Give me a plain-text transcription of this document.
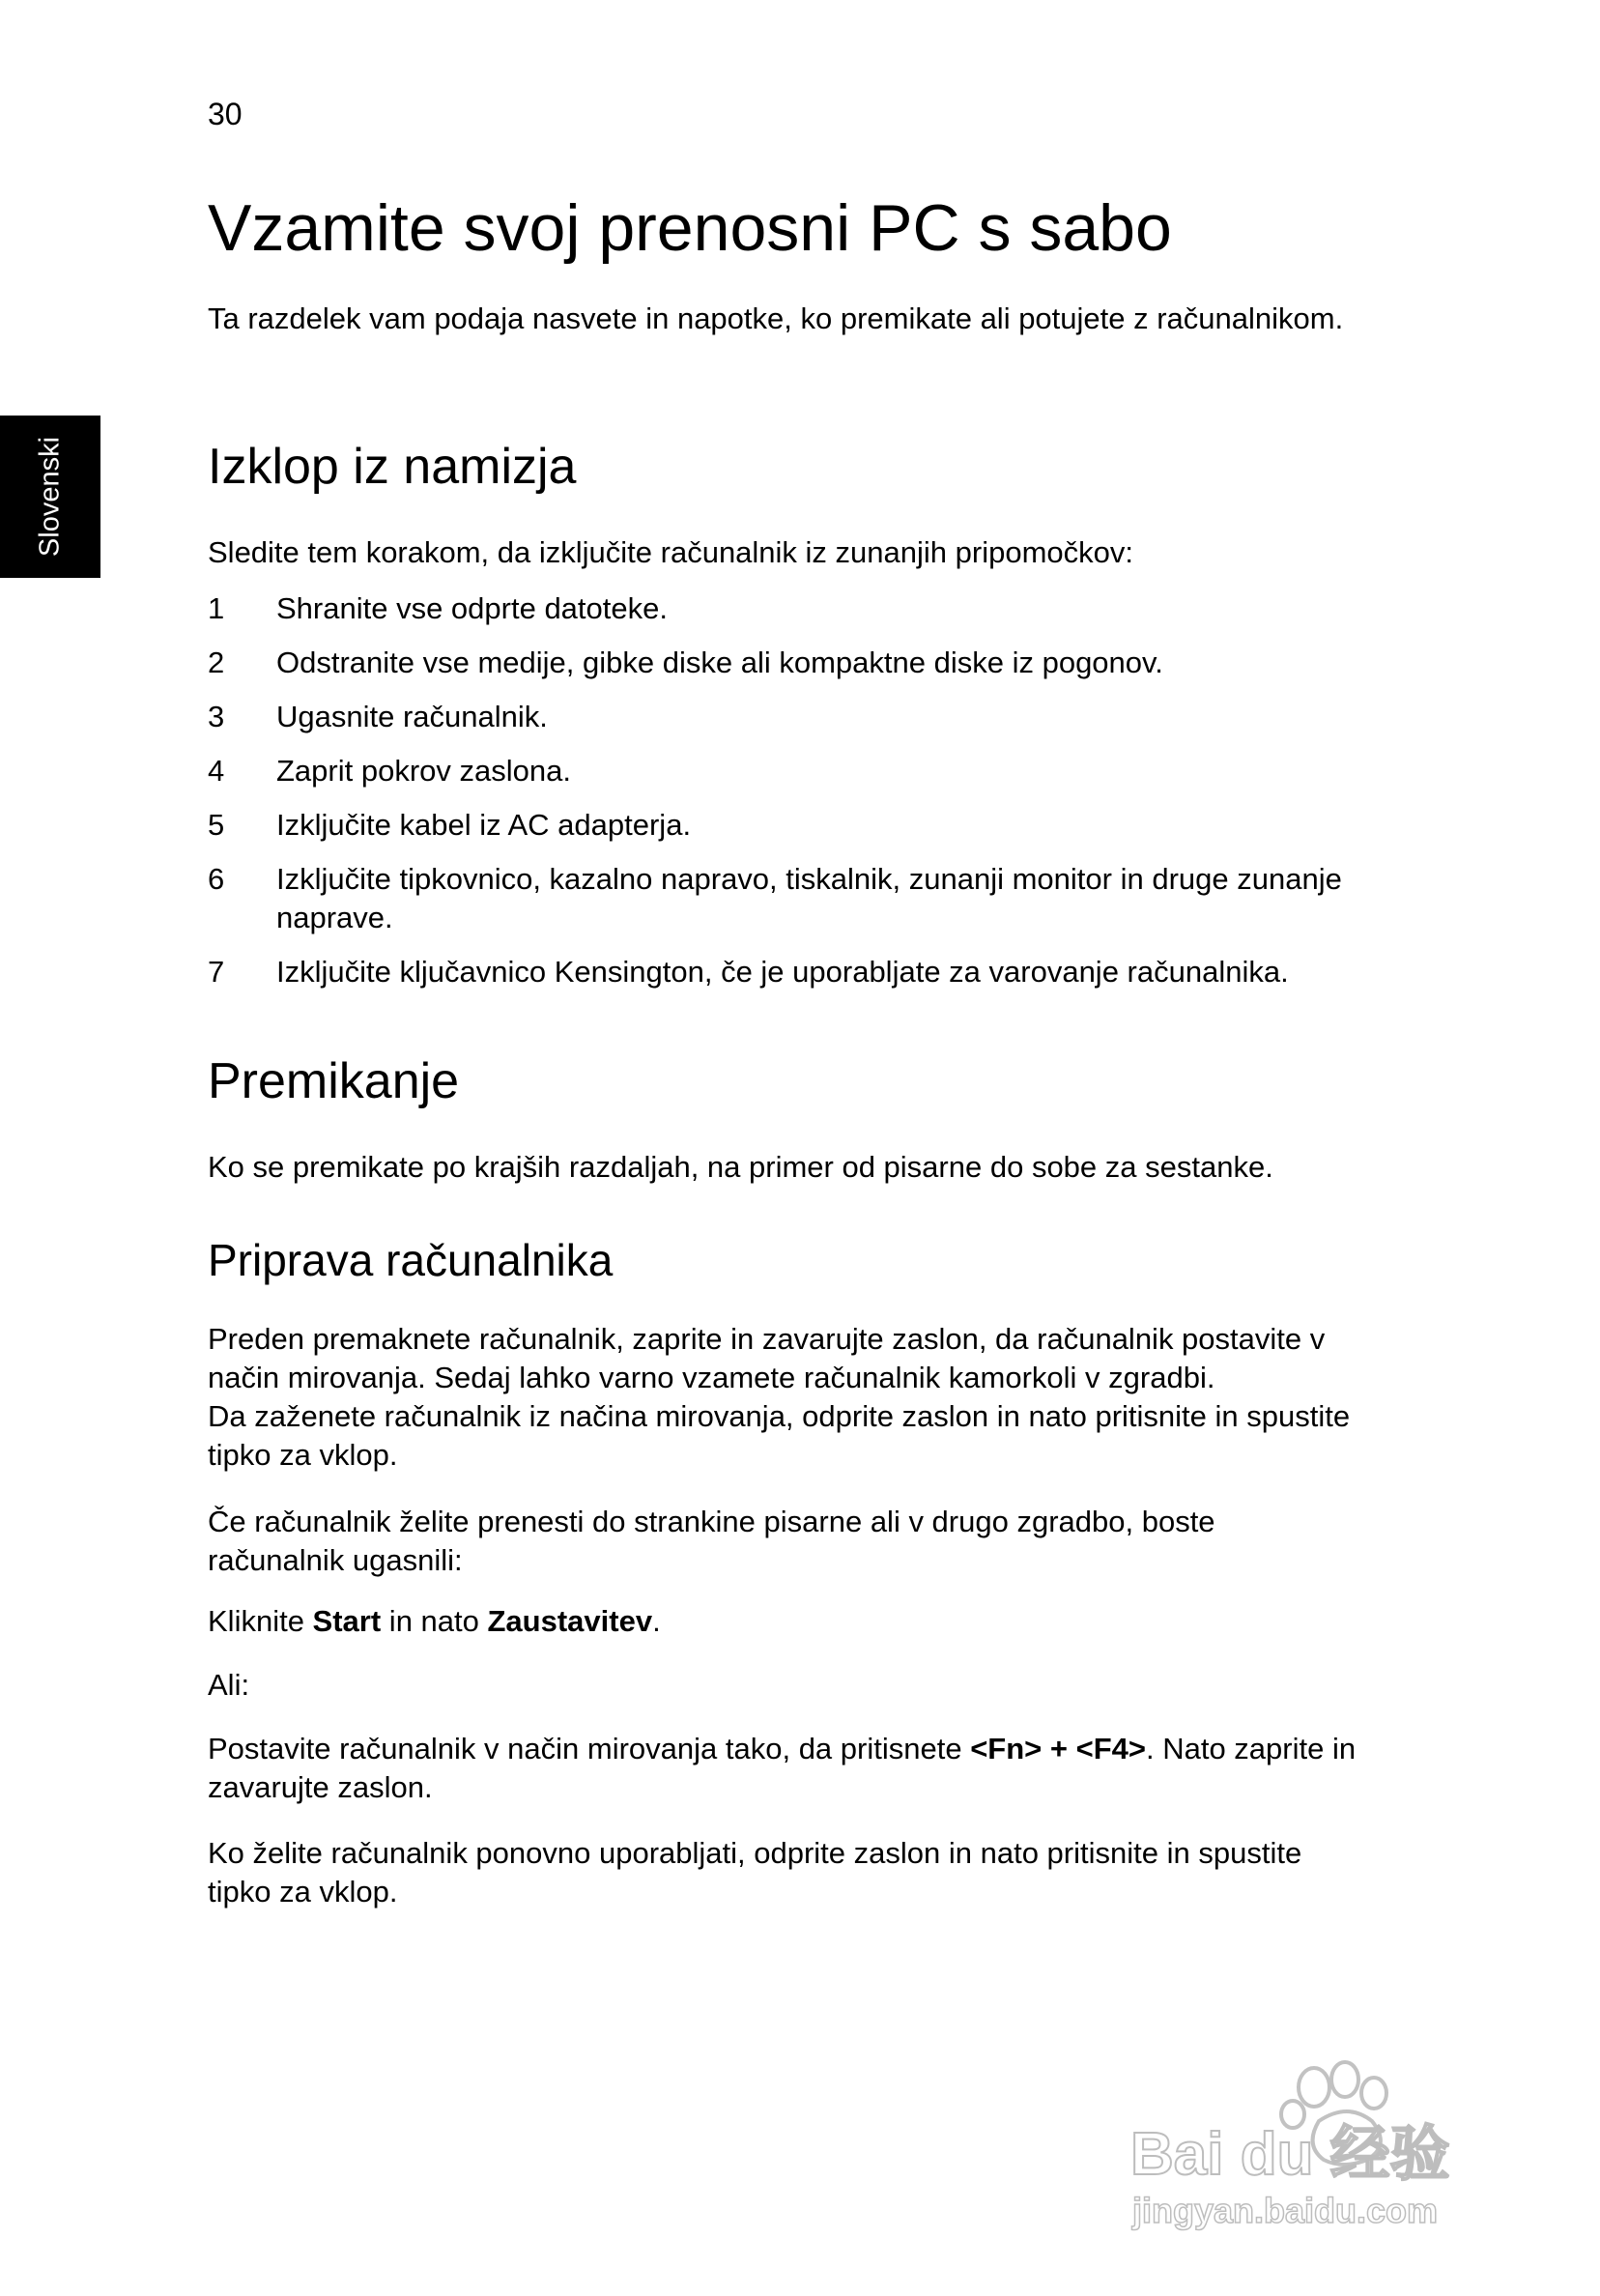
30
Slovenski
Vzamite svoj prenosni PC s sabo

Ta razdelek vam podaja nasvete in napotke, ko premikate ali potujete z računalnikom.

Izklop iz namizja

Sledite tem korakom, da izključite računalnik iz zunanjih pripomočkov:

1 Shranite vse odprte datoteke.
2 Odstranite vse medije, gibke diske ali kompaktne diske iz pogonov.
3 Ugasnite računalnik.
4 Zaprit pokrov zaslona.
5 Izključite kabel iz AC adapterja.
6 Izključite tipkovnico, kazalno napravo, tiskalnik, zunanji monitor in druge zunanje naprave.
7 Izključite ključavnico Kensington, če je uporabljate za varovanje računalnika.
Premikanje

Ko se premikate po krajših razdaljah, na primer od pisarne do sobe za sestanke.

Priprava računalnika

Preden premaknete računalnik, zaprite in zavarujte zaslon, da računalnik postavite v način mirovanja. Sedaj lahko varno vzamete računalnik kamorkoli v zgradbi.
Da zaženete računalnik iz načina mirovanja, odprite zaslon in nato pritisnite in spustite tipko za vklop.

Če računalnik želite prenesti do strankine pisarne ali v drugo zgradbo, boste računalnik ugasnili:

Kliknite Start in nato Zaustavitev.

Ali:

Postavite računalnik v način mirovanja tako, da pritisnete <Fn> + <F4>. Nato zaprite in zavarujte zaslon.

Ko želite računalnik ponovno uporabljati, odprite zaslon in nato pritisnite in spustite tipko za vklop.

Bai du 经验
jingyan.baidu.com
